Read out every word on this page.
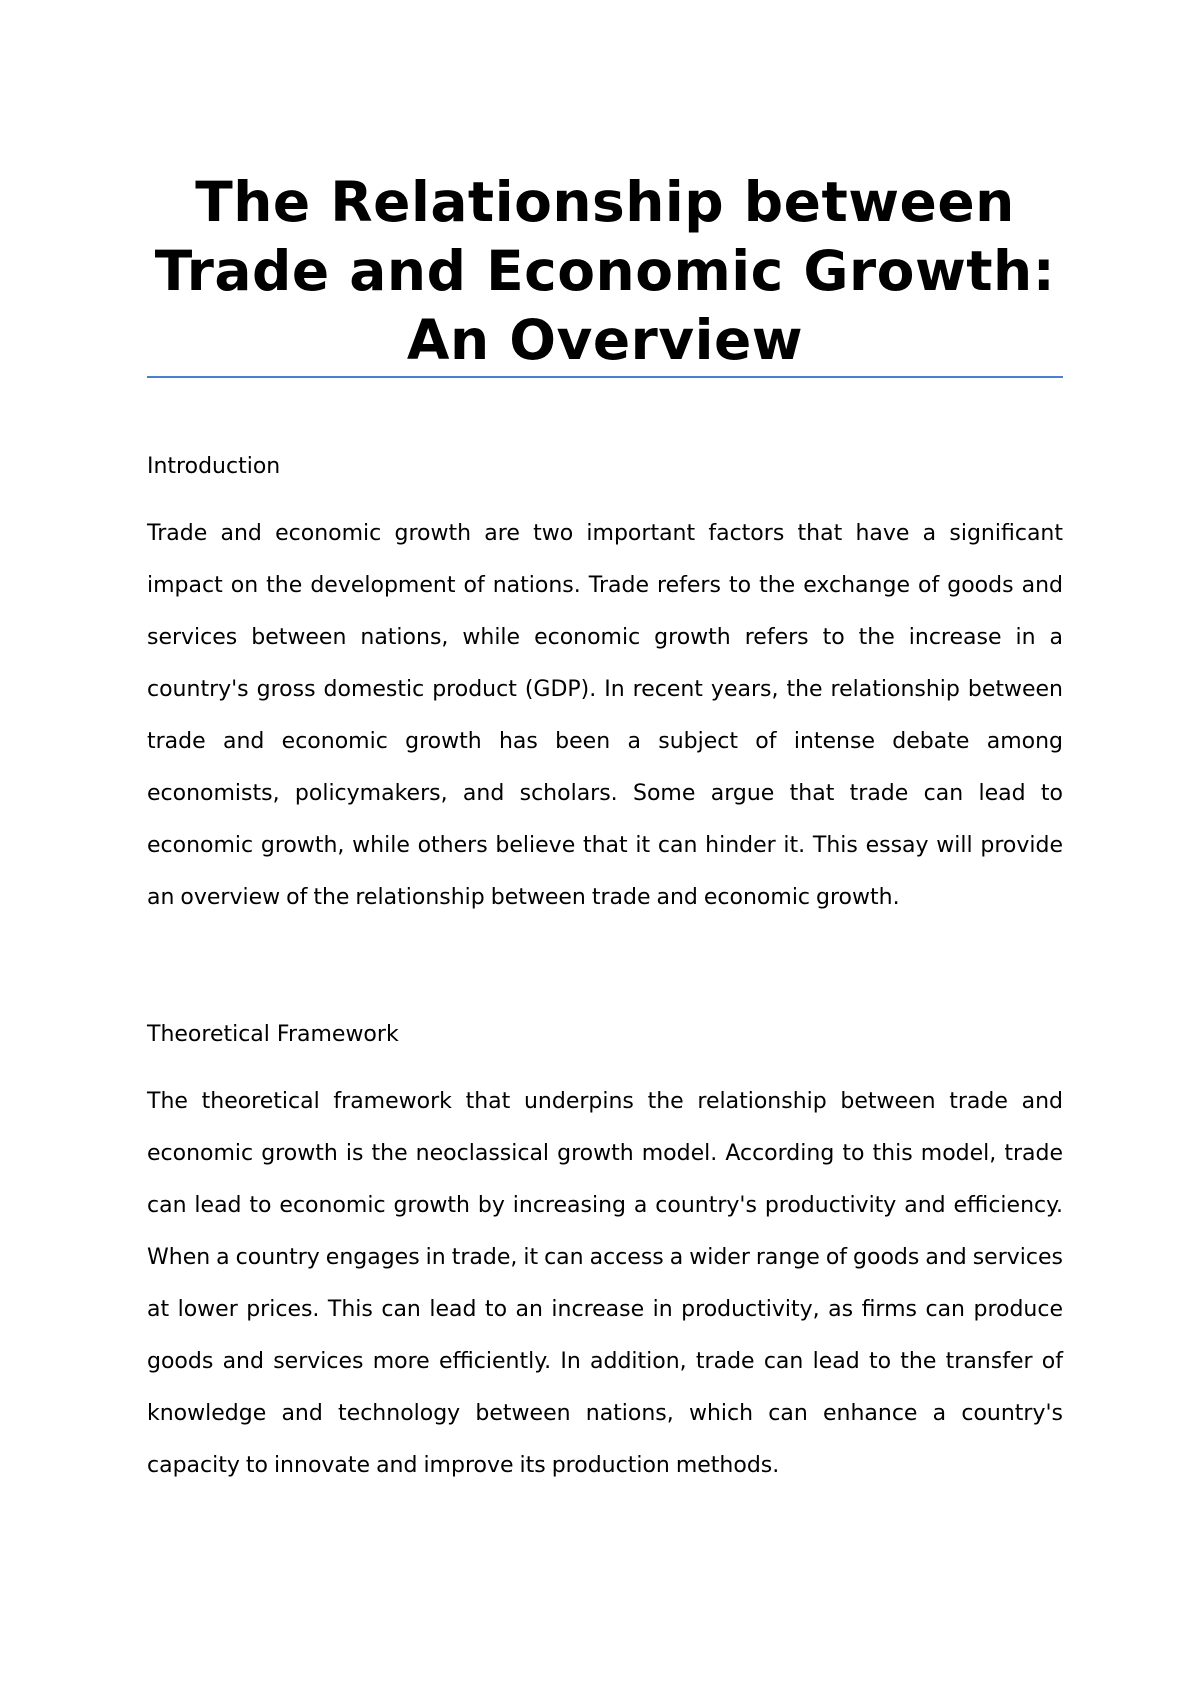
The Relationship between Trade and Economic Growth: An Overview
Introduction

Trade and economic growth are two important factors that have a significant impact on the development of nations. Trade refers to the exchange of goods and services between nations, while economic growth refers to the increase in a country's gross domestic product (GDP). In recent years, the relationship between trade and economic growth has been a subject of intense debate among economists, policymakers, and scholars. Some argue that trade can lead to economic growth, while others believe that it can hinder it. This essay will provide an overview of the relationship between trade and economic growth.

Theoretical Framework

The theoretical framework that underpins the relationship between trade and economic growth is the neoclassical growth model. According to this model, trade can lead to economic growth by increasing a country's productivity and efficiency. When a country engages in trade, it can access a wider range of goods and services at lower prices. This can lead to an increase in productivity, as firms can produce goods and services more efficiently. In addition, trade can lead to the transfer of knowledge and technology between nations, which can enhance a country's capacity to innovate and improve its production methods.
